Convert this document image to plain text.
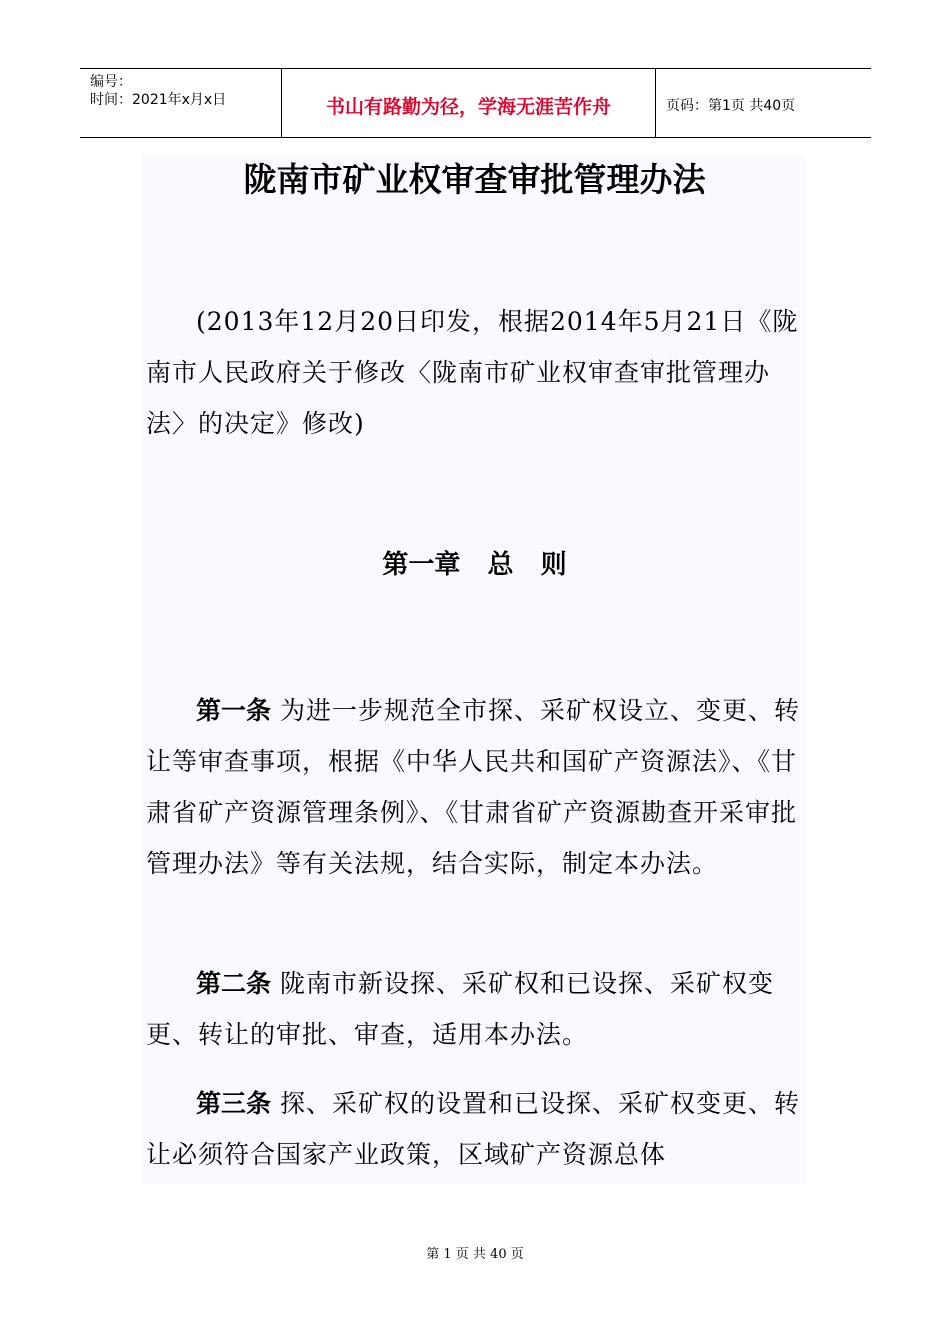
编号：
时间：2021年x月x日	书山有路勤为径，学海无涯苦作舟	页码：第1页 共40页
陇南市矿业权审查审批管理办法

(2013年12月20日印发，根据2014年5月21日《陇南市人民政府关于修改〈陇南市矿业权审查审批管理办法〉的决定》修改)

第一章   总   则

第一条 为进一步规范全市探、采矿权设立、变更、转让等审查事项，根据《中华人民共和国矿产资源法》、《甘肃省矿产资源管理条例》、《甘肃省矿产资源勘查开采审批管理办法》等有关法规，结合实际，制定本办法。

第二条 陇南市新设探、采矿权和已设探、采矿权变更、转让的审批、审查，适用本办法。

第三条 探、采矿权的设置和已设探、采矿权变更、转让必须符合国家产业政策，区域矿产资源总体

第 1 页 共 40 页
